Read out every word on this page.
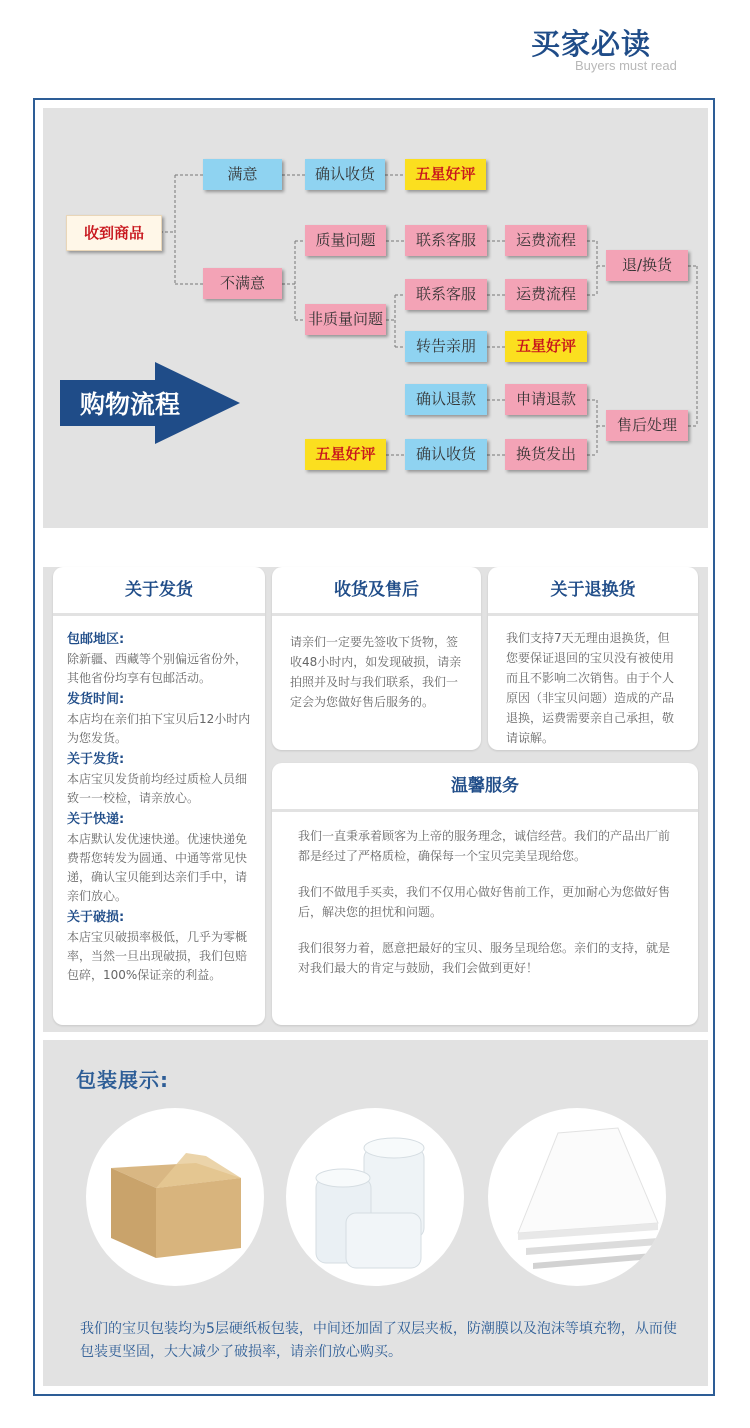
买家必读
Buyers must read
购物流程
收到商品
满意	确认收货	五星好评
不满意
质量问题
非质量问题
联系客服	运费流程
联系客服	运费流程
退/换货
转告亲朋	五星好评
确认退款	申请退款
售后处理
五星好评	确认收货	换货发出
关于发货
包邮地区:
除新疆、西藏等个别偏远省份外，其他省份均享有包邮活动。
发货时间:
本店均在亲们拍下宝贝后12小时内为您发货。
关于发货:
本店宝贝发货前均经过质检人员细致一一校检，请亲放心。
关于快递:
本店默认发优速快递。优速快递免费帮您转发为圆通、中通等常见快递，确认宝贝能到达亲们手中，请亲们放心。
关于破损:
本店宝贝破损率极低，几乎为零概率，当然一旦出现破损，我们包赔包碎，100%保证亲的利益。
收货及售后
请亲们一定要先签收下货物，签收48小时内，如发现破损，请亲拍照并及时与我们联系，我们一定会为您做好售后服务的。
关于退换货
我们支持7天无理由退换货，但您要保证退回的宝贝没有被使用而且不影响二次销售。由于个人原因（非宝贝问题）造成的产品退换，运费需要亲自己承担，敬请谅解。
温馨服务

我们一直秉承着顾客为上帝的服务理念，诚信经营。我们的产品出厂前都是经过了严格质检，确保每一个宝贝完美呈现给您。

我们不做甩手买卖，我们不仅用心做好售前工作，更加耐心为您做好售后，解决您的担忧和问题。

我们很努力着，愿意把最好的宝贝、服务呈现给您。亲们的支持，就是对我们最大的肯定与鼓励，我们会做到更好！

包装展示:
我们的宝贝包装均为5层硬纸板包装，中间还加固了双层夹板，防潮膜以及泡沫等填充物，从而使包装更坚固，大大减少了破损率，请亲们放心购买。
